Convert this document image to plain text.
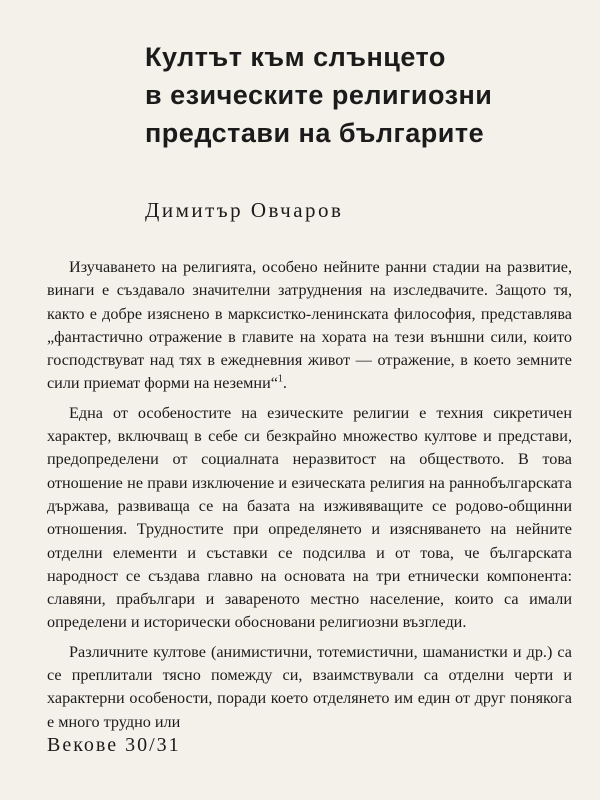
Култът към слънцето
в езическите религиозни
представи на българите

Димитър Овчаров

Изучаването на религията, особено нейните ранни стадии на развитие, винаги е създавало значителни затруднения на изследвачите. Защото тя, както е добре изяснено в марксистко-ленинската философия, представлява „фантастично отражение в главите на хората на тези външни сили, които господствуват над тях в ежедневния живот — отражение, в което земните сили приемат форми на неземни“$^1$.

Една от особеностите на езическите религии е техния сикретичен характер, включващ в себе си безкрайно множество култове и представи, предопределени от социалната неразвитост на обществото. В това отношение не прави изключение и езическата религия на раннобългарската държава, развиваща се на базата на изживяващите се родово-общинни отношения. Трудностите при определянето и изясняването на нейните отделни елементи и съставки се подсилва и от това, че българската народност се създава главно на основата на три етнически компонента: славяни, прабългари и завареното местно население, които са имали определени и исторически обосновани религиозни възгледи.

Различните култове (анимистични, тотемистични, шаманистки и др.) са се преплитали тясно помежду си, взаимствували са отделни черти и характерни особености, поради което отделянето им един от друг понякога е много трудно или

Векове 30/31
